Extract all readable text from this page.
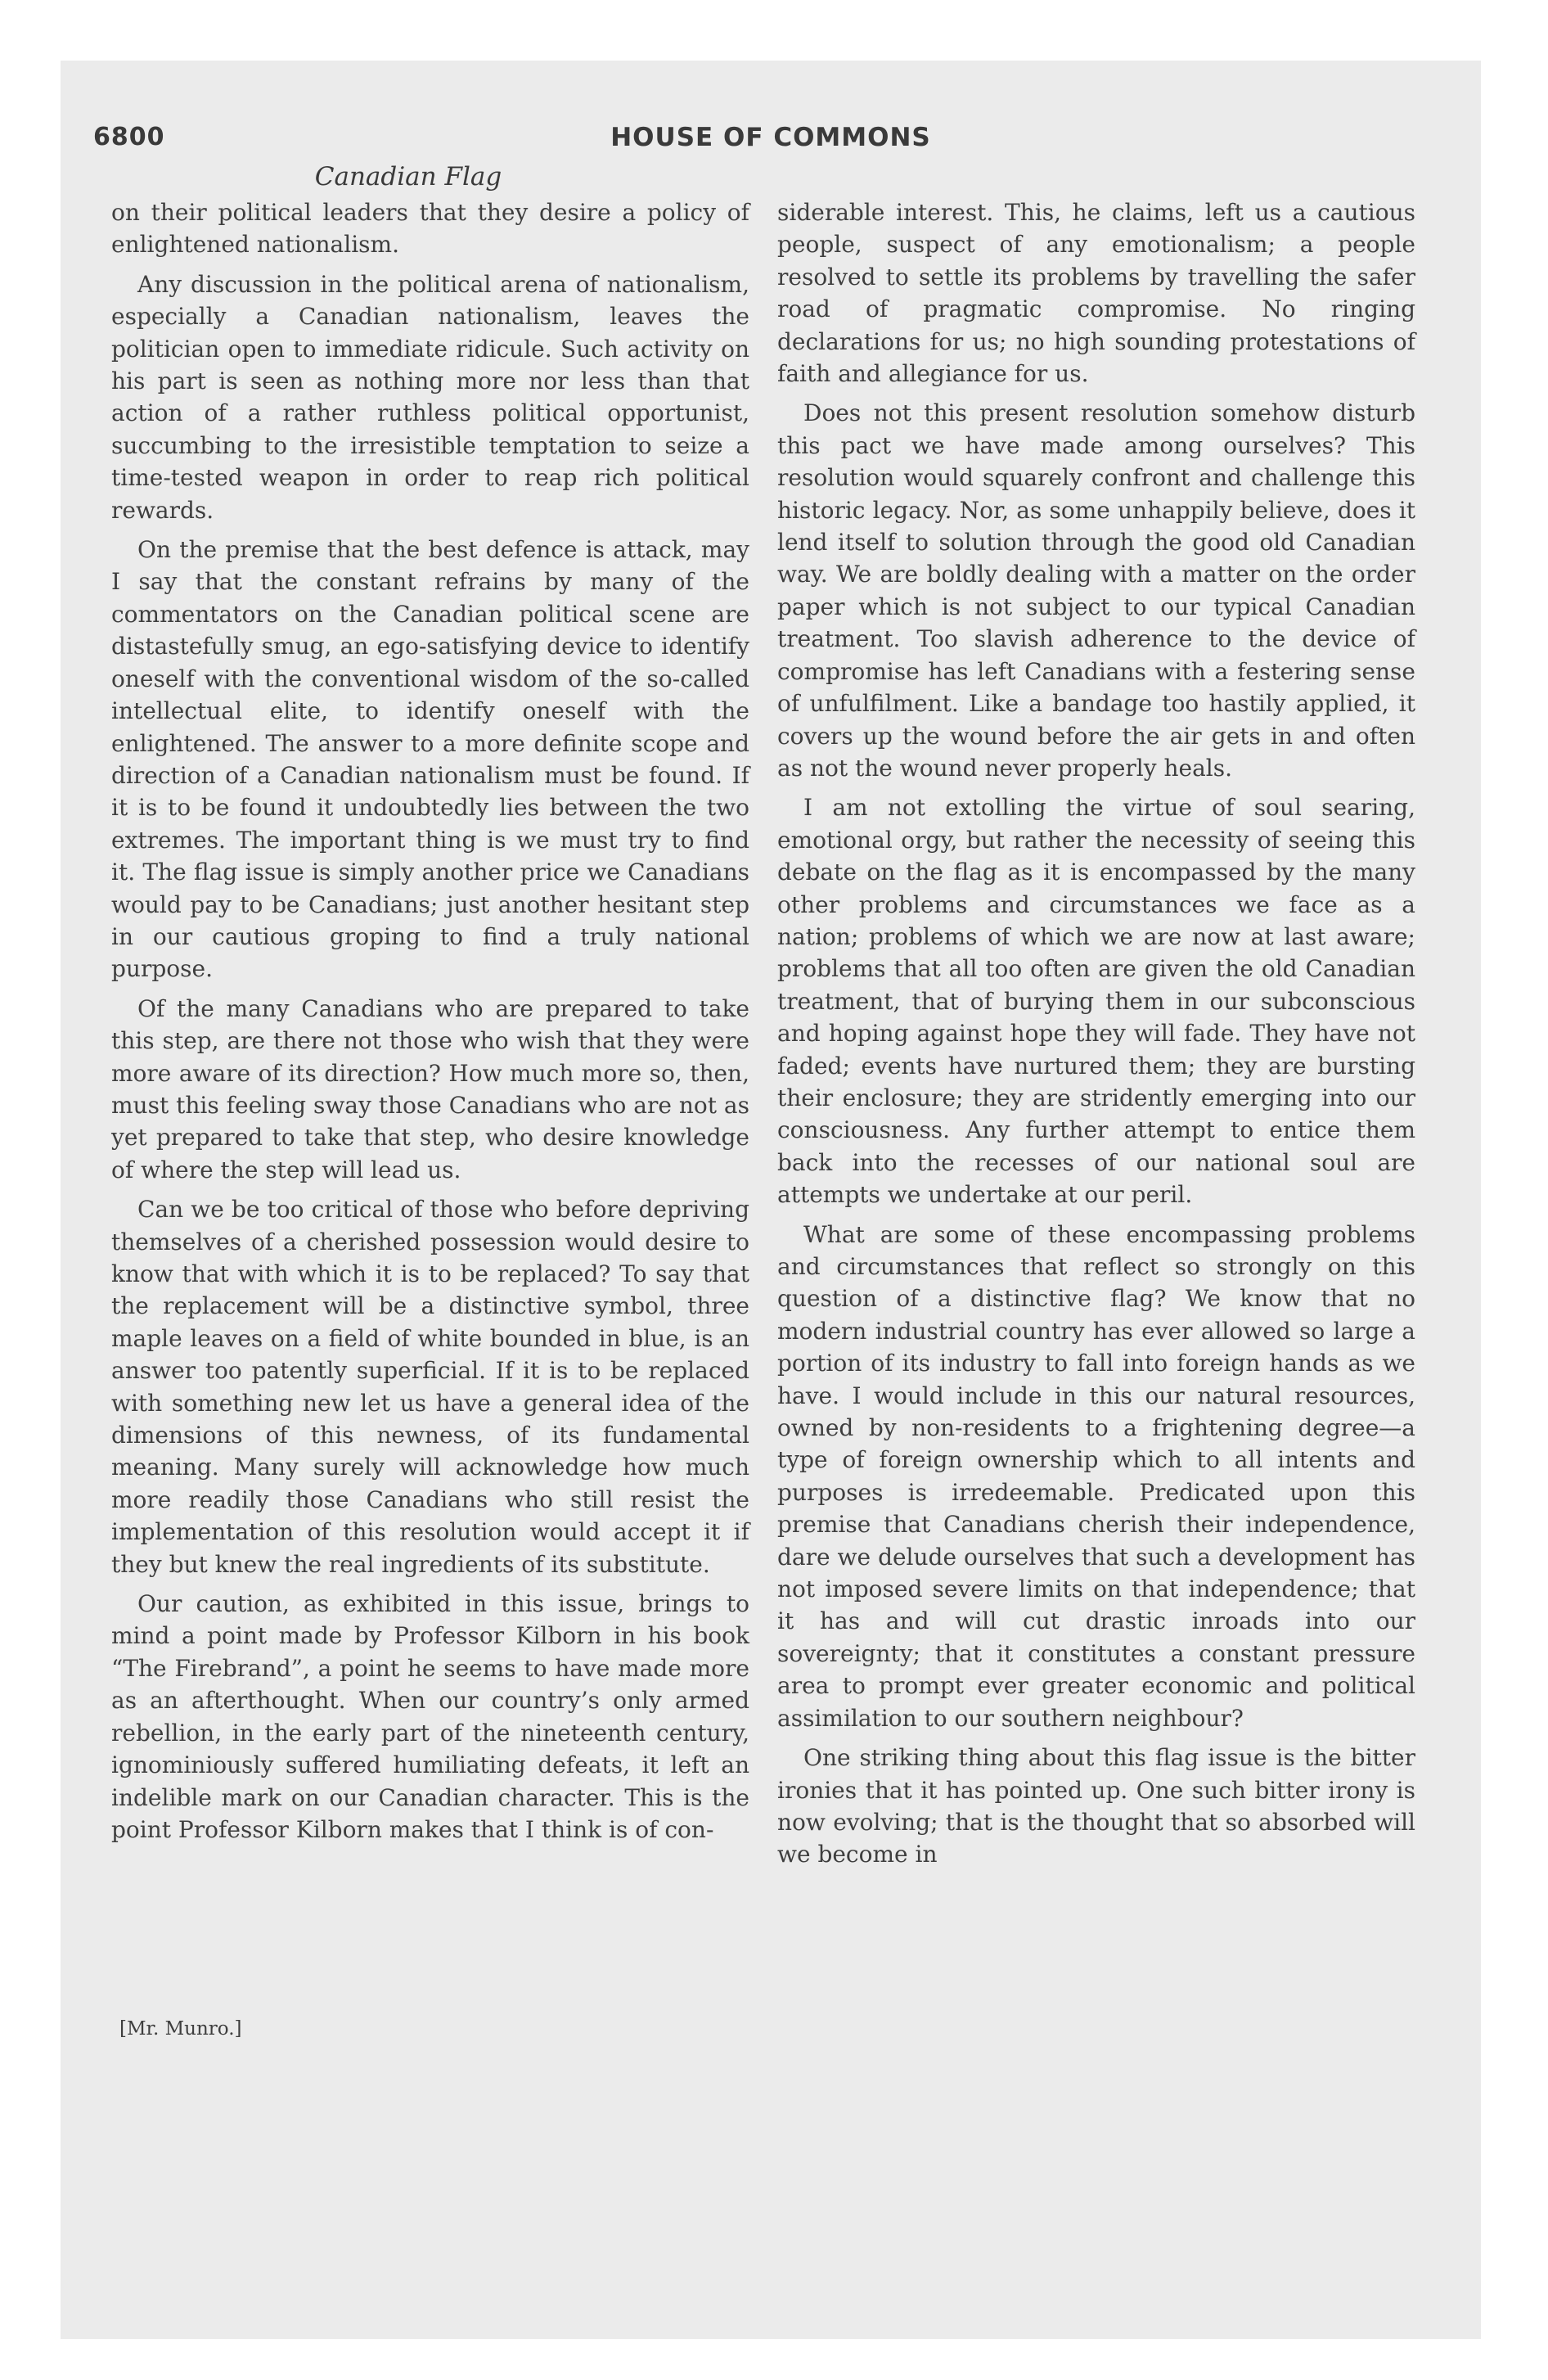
6800	HOUSE OF COMMONS
Canadian Flag

on their political leaders that they desire a policy of enlightened nationalism.

Any discussion in the political arena of nationalism, especially a Canadian nationalism, leaves the politician open to immediate ridicule. Such activity on his part is seen as nothing more nor less than that action of a rather ruthless political opportunist, succumbing to the irresistible temptation to seize a time-tested weapon in order to reap rich political rewards.

On the premise that the best defence is attack, may I say that the constant refrains by many of the commentators on the Canadian political scene are distastefully smug, an ego-satisfying device to identify oneself with the conventional wisdom of the so-called intellectual elite, to identify oneself with the enlightened. The answer to a more definite scope and direction of a Canadian nationalism must be found. If it is to be found it undoubtedly lies between the two extremes. The important thing is we must try to find it. The flag issue is simply another price we Canadians would pay to be Canadians; just another hesitant step in our cautious groping to find a truly national purpose.

Of the many Canadians who are prepared to take this step, are there not those who wish that they were more aware of its direction? How much more so, then, must this feeling sway those Canadians who are not as yet prepared to take that step, who desire knowledge of where the step will lead us.

Can we be too critical of those who before depriving themselves of a cherished possession would desire to know that with which it is to be replaced? To say that the replacement will be a distinctive symbol, three maple leaves on a field of white bounded in blue, is an answer too patently superficial. If it is to be replaced with something new let us have a general idea of the dimensions of this newness, of its fundamental meaning. Many surely will acknowledge how much more readily those Canadians who still resist the implementation of this resolution would accept it if they but knew the real ingredients of its substitute.

Our caution, as exhibited in this issue, brings to mind a point made by Professor Kilborn in his book “The Firebrand”, a point he seems to have made more as an afterthought. When our country’s only armed rebellion, in the early part of the nineteenth century, ignominiously suffered humiliating defeats, it left an indelible mark on our Canadian character. This is the point Professor Kilborn makes that I think is of con-

siderable interest. This, he claims, left us a cautious people, suspect of any emotionalism; a people resolved to settle its problems by travelling the safer road of pragmatic compromise. No ringing declarations for us; no high sounding protestations of faith and allegiance for us.

Does not this present resolution somehow disturb this pact we have made among ourselves? This resolution would squarely confront and challenge this historic legacy. Nor, as some unhappily believe, does it lend itself to solution through the good old Canadian way. We are boldly dealing with a matter on the order paper which is not subject to our typical Canadian treatment. Too slavish adherence to the device of compromise has left Canadians with a festering sense of unfulfilment. Like a bandage too hastily applied, it covers up the wound before the air gets in and often as not the wound never properly heals.

I am not extolling the virtue of soul searing, emotional orgy, but rather the necessity of seeing this debate on the flag as it is encompassed by the many other problems and circumstances we face as a nation; problems of which we are now at last aware; problems that all too often are given the old Canadian treatment, that of burying them in our subconscious and hoping against hope they will fade. They have not faded; events have nurtured them; they are bursting their enclosure; they are stridently emerging into our consciousness. Any further attempt to entice them back into the recesses of our national soul are attempts we undertake at our peril.

What are some of these encompassing problems and circumstances that reflect so strongly on this question of a distinctive flag? We know that no modern industrial country has ever allowed so large a portion of its industry to fall into foreign hands as we have. I would include in this our natural resources, owned by non-residents to a frightening degree—a type of foreign ownership which to all intents and purposes is irredeemable. Predicated upon this premise that Canadians cherish their independence, dare we delude ourselves that such a development has not imposed severe limits on that independence; that it has and will cut drastic inroads into our sovereignty; that it constitutes a constant pressure area to prompt ever greater economic and political assimilation to our southern neighbour?

One striking thing about this flag issue is the bitter ironies that it has pointed up. One such bitter irony is now evolving; that is the thought that so absorbed will we become in

[Mr. Munro.]
